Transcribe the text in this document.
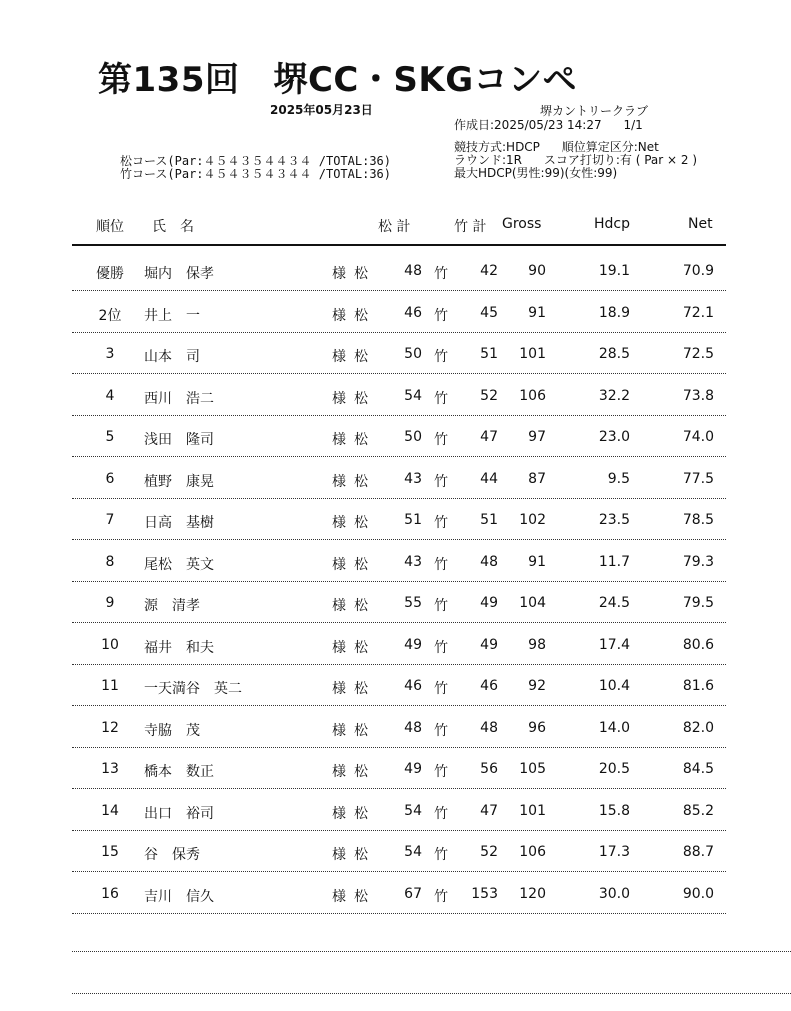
第135回 堺CC・SKGコンペ
2025年05月23日	堺カントリークラブ
作成日:2025/05/23 14:27 1/1
競技方式:HDCP 順位算定区分:Net
ラウンド:1R スコア打切り:有 ( Par × 2 )
最大HDCP(男性:99)(女性:99)
松コース(Par:４５４３５４４３４ /TOTAL:36)
竹コース(Par:４５４３５４３４４ /TOTAL:36)
順位 氏　名	松 計	竹 計 Gross	Hdcp	Net
優勝	堀内　保孝	様 松	48 竹	42	90	19.1	70.9
2位	井上　一	様 松	46 竹	45	91	18.9	72.1
3	山本　司	様 松	50 竹	51	101	28.5	72.5
4	西川　浩二	様 松	54 竹	52	106	32.2	73.8
5	浅田　隆司	様 松	50 竹	47	97	23.0	74.0
6	植野　康晃	様 松	43 竹	44	87	9.5	77.5
7	日高　基樹	様 松	51 竹	51	102	23.5	78.5
8	尾松　英文	様 松	43 竹	48	91	11.7	79.3
9	源　清孝	様 松	55 竹	49	104	24.5	79.5
10	福井　和夫	様 松	49 竹	49	98	17.4	80.6
11	一天満谷　英二	様 松	46 竹	46	92	10.4	81.6
12	寺脇　茂	様 松	48 竹	48	96	14.0	82.0
13	橋本　数正	様 松	49 竹	56	105	20.5	84.5
14	出口　裕司	様 松	54 竹	47	101	15.8	85.2
15	谷　保秀	様 松	54 竹	52	106	17.3	88.7
16	吉川　信久	様 松	67 竹	153	120	30.0	90.0
